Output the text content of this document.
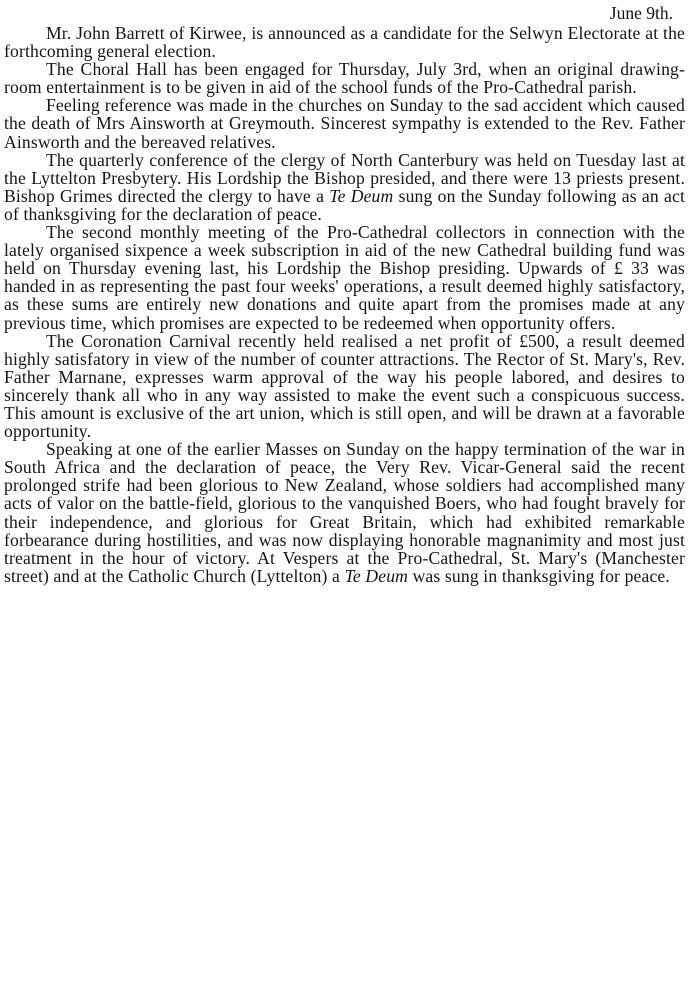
June 9th.

Mr. John Barrett of Kirwee, is announced as a candidate for the Selwyn Electorate at the forthcoming general election.

The Choral Hall has been engaged for Thursday, July 3rd, when an original drawing-room entertainment is to be given in aid of the school funds of the Pro-Cathedral parish.

Feeling reference was made in the churches on Sunday to the sad accident which caused the death of Mrs Ainsworth at Greymouth. Sincerest sympathy is extended to the Rev. Father Ainsworth and the bereaved relatives.

The quarterly conference of the clergy of North Canterbury was held on Tuesday last at the Lyttelton Presbytery. His Lordship the Bishop presided, and there were 13 priests present. Bishop Grimes directed the clergy to have a Te Deum sung on the Sunday following as an act of thanksgiving for the declaration of peace.

The second monthly meeting of the Pro-Cathedral collectors in connection with the lately organised sixpence a week subscription in aid of the new Cathedral building fund was held on Thursday evening last, his Lordship the Bishop presiding. Upwards of £ 33 was handed in as representing the past four weeks' operations, a result deemed highly satisfactory, as these sums are entirely new donations and quite apart from the promises made at any previous time, which promises are expected to be redeemed when opportunity offers.

The Coronation Carnival recently held realised a net profit of £500, a result deemed highly satisfatory in view of the number of counter attractions. The Rector of St. Mary's, Rev. Father Marnane, expresses warm approval of the way his people labored, and desires to sincerely thank all who in any way assisted to make the event such a conspicuous success. This amount is exclusive of the art union, which is still open, and will be drawn at a favorable opportunity.

Speaking at one of the earlier Masses on Sunday on the happy termination of the war in South Africa and the declaration of peace, the Very Rev. Vicar-General said the recent prolonged strife had been glorious to New Zealand, whose soldiers had accomplished many acts of valor on the battle-field, glorious to the vanquished Boers, who had fought bravely for their independence, and glorious for Great Britain, which had exhibited remarkable forbearance during hostilities, and was now displaying honorable magnanimity and most just treatment in the hour of victory. At Vespers at the Pro-Cathedral, St. Mary's (Manchester street) and at the Catholic Church (Lyttelton) a Te Deum was sung in thanksgiving for peace.
